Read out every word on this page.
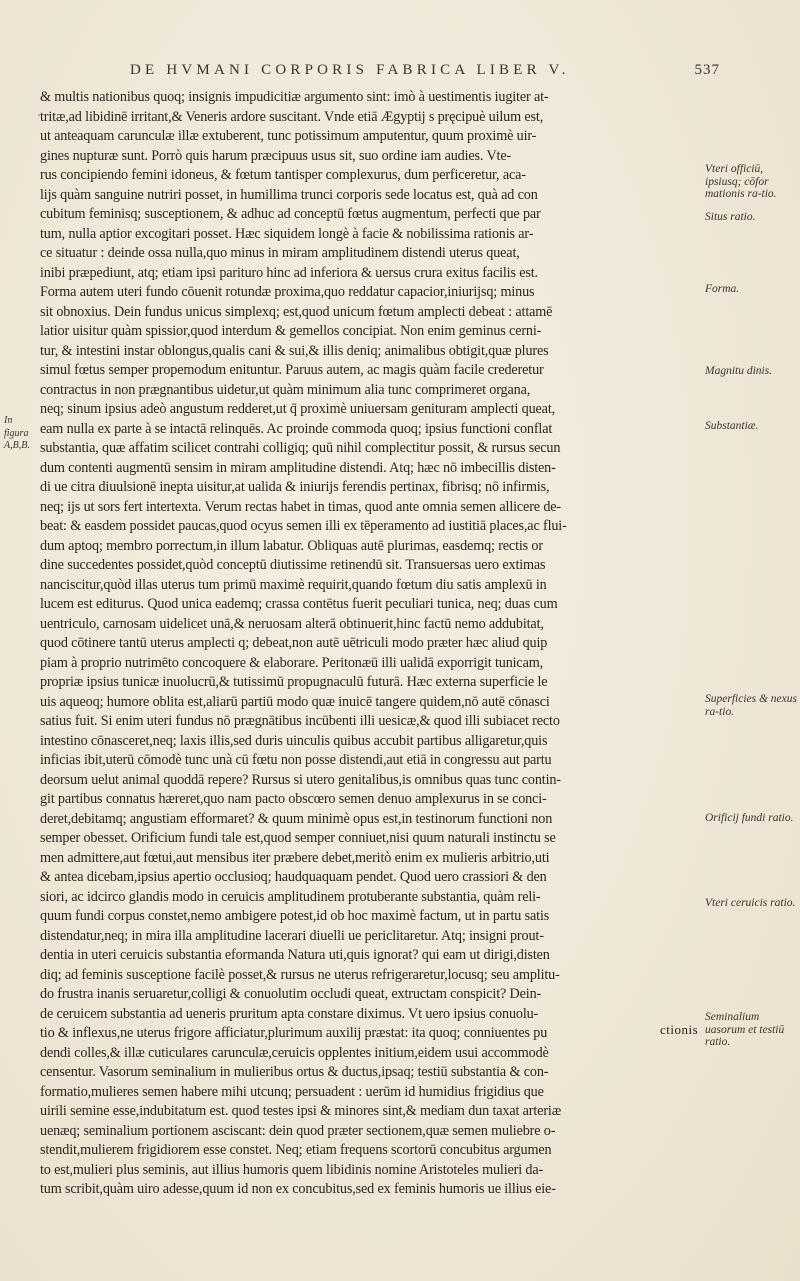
DE HVMANI CORPORIS FABRICA LIBER V.	537
& multis nationibus quoq; insignis impudicitiæ argumento sint: imò à uestimentis iugiter at-
tritæ,ad libidinē irritant,& Veneris ardore suscitant. Vnde etiā Ægyptij s pręcipuè uilum est,
ut anteaquam carunculæ illæ extuberent, tunc potissimum amputentur, quum proximè uir-
gines nupturæ sunt. Porrò quis harum præcipuus usus sit, suo ordine iam audies. Vte-
rus concipiendo femini idoneus, & fœtum tantisper complexurus, dum perficeretur, aca-
lijs quàm sanguine nutriri posset, in humillima trunci corporis sede locatus est, quà ad con
cubitum feminisq; susceptionem, & adhuc ad conceptū fœtus augmentum, perfecti que par
tum, nulla aptior excogitari posset. Hæc siquidem longè à facie & nobilissima rationis ar-
ce situatur : deinde ossa nulla,quo minus in miram amplitudinem distendi uterus queat,
inibi præpediunt, atq; etiam ipsi parituro hinc ad inferiora & uersus crura exitus facilis est.
Forma autem uteri fundo cōuenit rotundæ proxima,quo reddatur capacior,iniurijsq; minus
sit obnoxius. Dein fundus unicus simplexq; est,quod unicum fœtum amplecti debeat : attamē
latior uisitur quàm spissior,quod interdum & gemellos concipiat. Non enim geminus cerni-
tur, & intestini instar oblongus,qualis cani & sui,& illis deniq; animalibus obtigit,quæ plures
simul fœtus semper propemodum enituntur. Paruus autem, ac magis quàm facile crederetur
contractus in non prægnantibus uidetur,ut quàm minimum alia tunc comprimeret organa,
neq; sinum ipsius adeò angustum redderet,ut q̄ proximè uniuersam genituram amplecti queat,
eam nulla ex parte à se intactā relinquēs. Ac proinde commoda quoq; ipsius functioni conflat
substantia, quæ affatim scilicet contrahi colligiq; quū nihil complectitur possit, & rursus secun
dum contenti augmentū sensim in miram amplitudine distendi. Atq; hæc nō imbecillis disten-
di ue citra diuulsionē inepta uisitur,at ualida & iniurijs ferendis pertinax, fibrisq; nō infirmis,
neq; ijs ut sors fert intertexta. Verum rectas habet in timas, quod ante omnia semen allicere de-
beat: & easdem possidet paucas,quod ocyus semen illi ex tēperamento ad iustitiā places,ac flui-
dum aptoq; membro porrectum,in illum labatur. Obliquas autē plurimas, easdemq; rectis or
dine succedentes possidet,quòd conceptū diutissime retinendū sit. Transuersas uero extimas
nanciscitur,quòd illas uterus tum primū maximè requirit,quando fœtum diu satis amplexū in
lucem est editurus. Quod unica eademq; crassa contētus fuerit peculiari tunica, neq; duas cum
uentriculo, carnosam uidelicet unā,& neruosam alterā obtinuerit,hinc factū nemo addubitat,
quod cōtinere tantū uterus amplecti q; debeat,non autē uētriculi modo præter hæc aliud quip
piam à proprio nutrimēto concoquere & elaborare. Peritonæū illi ualidā exporrigit tunicam,
propriæ ipsius tunicæ inuolucrū,& tutissimū propugnaculū futurā. Hæc externa superficie le
uis aqueoq; humore oblita est,aliarū partiū modo quæ inuicē tangere quidem,nō autē cōnasci
satius fuit. Si enim uteri fundus nō prægnātibus incūbenti illi uesicæ,& quod illi subiacet recto
intestino cōnasceret,neq; laxis illis,sed duris uinculis quibus accubit partibus alligaretur,quis
inficias ibit,uterū cōmodè tunc unà cū fœtu non posse distendi,aut etiā in congressu aut partu
deorsum uelut animal quoddā repere? Rursus si utero genitalibus,is omnibus quas tunc contin-
git partibus connatus hæreret,quo nam pacto obscœro semen denuo amplexurus in se conci-
deret,debitamq; angustiam efformaret? & quum minimè opus est,in testinorum functioni non
semper obesset. Orificium fundi tale est,quod semper conniuet,nisi quum naturali instinctu se
men admittere,aut fœtui,aut mensibus iter præbere debet,meritò enim ex mulieris arbitrio,uti
& antea dicebam,ipsius apertio occlusioq; haudquaquam pendet. Quod uero crassiori & den
siori, ac idcirco glandis modo in ceruicis amplitudinem protuberante substantia, quàm reli-
quum fundi corpus constet,nemo ambigere potest,id ob hoc maximè factum, ut in partu satis
distendatur,neq; in mira illa amplitudine lacerari diuelli ue periclitaretur. Atq; insigni prout-
dentia in uteri ceruicis substantia eformanda Natura uti,quis ignorat? qui eam ut dirigi,disten
diq; ad feminis susceptione facilè posset,& rursus ne uterus refrigeraretur,locusq; seu amplitu-
do frustra inanis seruaretur,colligi & conuolutim occludi queat, extructam conspicit? Dein-
de ceruicem substantia ad ueneris pruritum apta constare diximus. Vt uero ipsius conuolu-
tio & inflexus,ne uterus frigore afficiatur,plurimum auxilij præstat: ita quoq; conniuentes pu
dendi colles,& illæ cuticulares carunculæ,ceruicis opplentes initium,eidem usui accommodè
censentur. Vasorum seminalium in mulieribus ortus & ductus,ipsaq; testiū substantia & con-
formatio,mulieres semen habere mihi utcunq; persuadent : uerūm id humidius frigidius que
uirili semine esse,indubitatum est. quod testes ipsi & minores sint,& mediam dun taxat arteriæ
uenæq; seminalium portionem asciscant: dein quod præter sectionem,quæ semen muliebre o-
stendit,mulierem frigidiorem esse constet. Neq; etiam frequens scortorū concubitus argumen
to est,mulieri plus seminis, aut illius humoris quem libidinis nomine Aristoteles mulieri da-
tum scribit,quàm uiro adesse,quum id non ex concubitus,sed ex feminis humoris ue illius eie-
ctionis
Vteri officiū, ipsiusq; cōfor mationis ra-tio.
Situs ratio.
Forma.
Magnitu dinis.
Substantiæ.
Superficies & nexus ra-tio.
Orificij fundi ratio.
Vteri ceruicis ratio.
Seminalium uasorum et testiū ratio.
In figura A,B,B.
'
